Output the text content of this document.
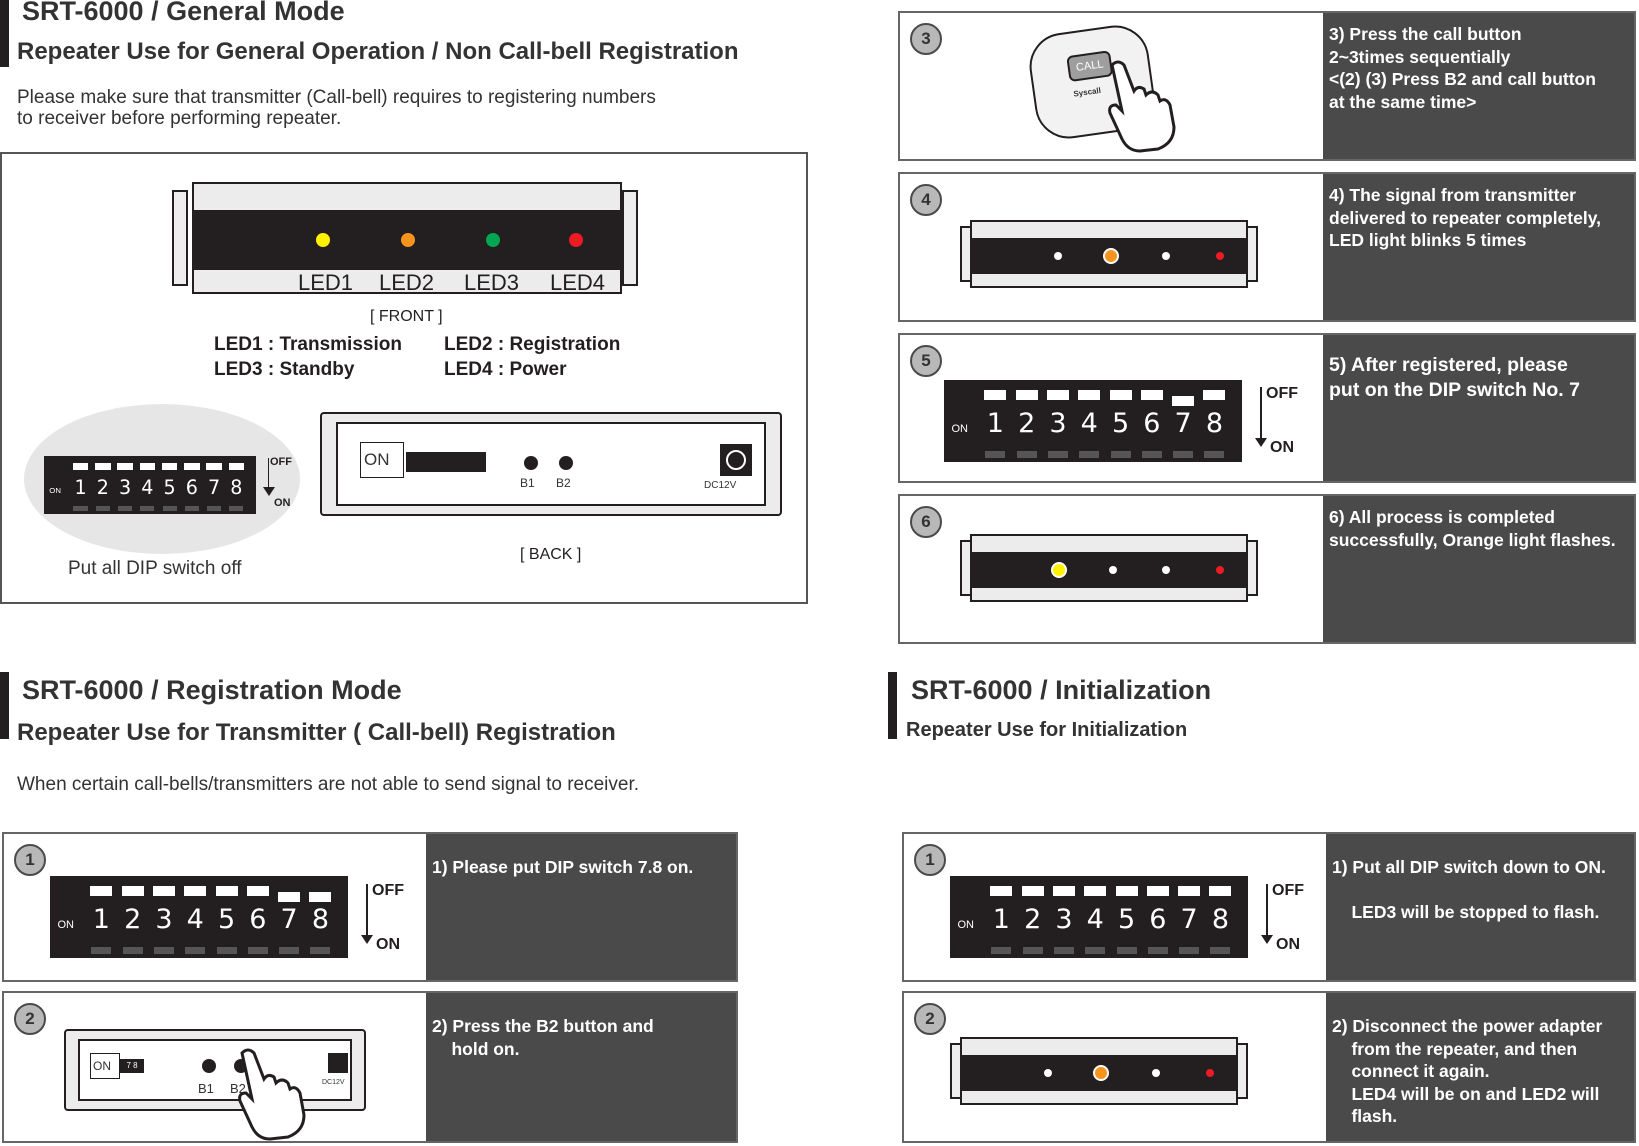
SRT-6000 / General Mode
Repeater Use for General Operation / Non Call-bell Registration
Please make sure that transmitter (Call-bell) requires to registering numbers
to receiver before performing repeater.
LED1 LED2 LED3 LED4
[ FRONT ]
LED1 : Transmission
LED3 : Standby
LED2 : Registration
LED4 : Power
ON 1 2 3 4 5 6 7 8
OFF
ON
Put all DIP switch off
ON
B1 B2	DC12V
[ BACK ]
3
CALL
Syscall
3) Press the call button
2~3times sequentially
<(2) (3) Press B2 and call button
at the same time>
4	4) The signal from transmitter
delivered to repeater completely,
LED light blinks 5 times
5
ON 1 2 3 4 5 6 7 8
OFF
ON
5) After registered, please
put on the DIP switch No. 7
6	6) All process is completed
successfully, Orange light flashes.
SRT-6000 / Registration Mode
Repeater Use for Transmitter ( Call-bell) Registration
When certain call-bells/transmitters are not able to send signal to receiver.
1
ON 1 2 3 4 5 6 7 8
OFF
ON
1) Please put DIP switch 7.8 on.
2
ON	7 8
B1 B2	DC12V
2) Press the B2 button and
hold on.
SRT-6000 / Initialization
Repeater Use for Initialization
1
ON 1 2 3 4 5 6 7 8
OFF
ON
1) Put all DIP switch down to ON.

LED3 will be stopped to flash.
2	2) Disconnect the power adapter
from the repeater, and then
connect it again.
LED4 will be on and LED2 will
flash.
